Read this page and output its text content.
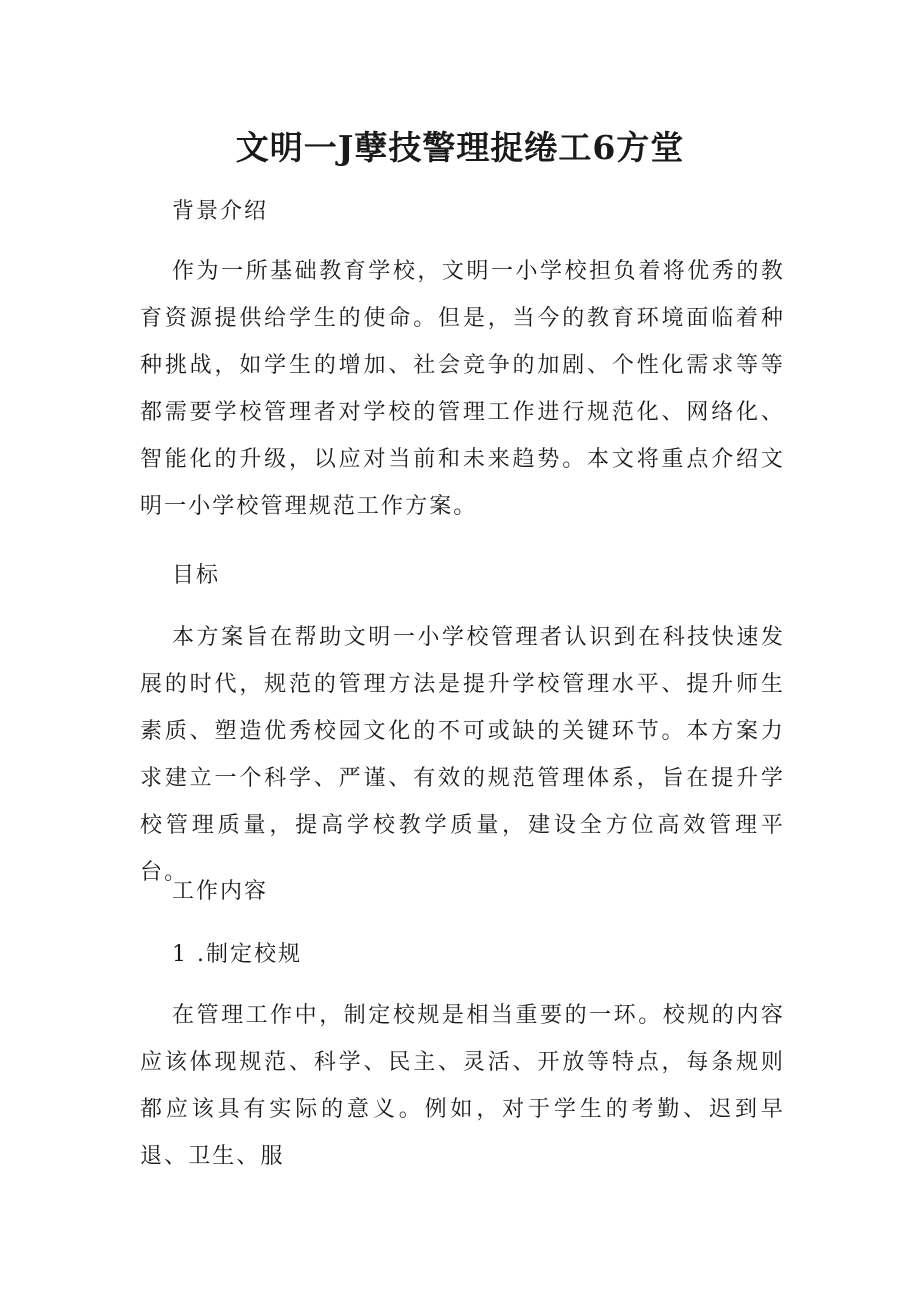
文明一J孽技警理捉绻工6方堂
背景介绍

作为一所基础教育学校，文明一小学校担负着将优秀的教育资源提供给学生的使命。但是，当今的教育环境面临着种种挑战，如学生的增加、社会竞争的加剧、个性化需求等等都需要学校管理者对学校的管理工作进行规范化、网络化、智能化的升级，以应对当前和未来趋势。本文将重点介绍文明一小学校管理规范工作方案。

目标

本方案旨在帮助文明一小学校管理者认识到在科技快速发展的时代，规范的管理方法是提升学校管理水平、提升师生素质、塑造优秀校园文化的不可或缺的关键环节。本方案力求建立一个科学、严谨、有效的规范管理体系，旨在提升学校管理质量，提高学校教学质量，建设全方位高效管理平台。

工作内容
1 .制定校规

在管理工作中，制定校规是相当重要的一环。校规的内容应该体现规范、科学、民主、灵活、开放等特点，每条规则都应该具有实际的意义。例如，对于学生的考勤、迟到早退、卫生、服
